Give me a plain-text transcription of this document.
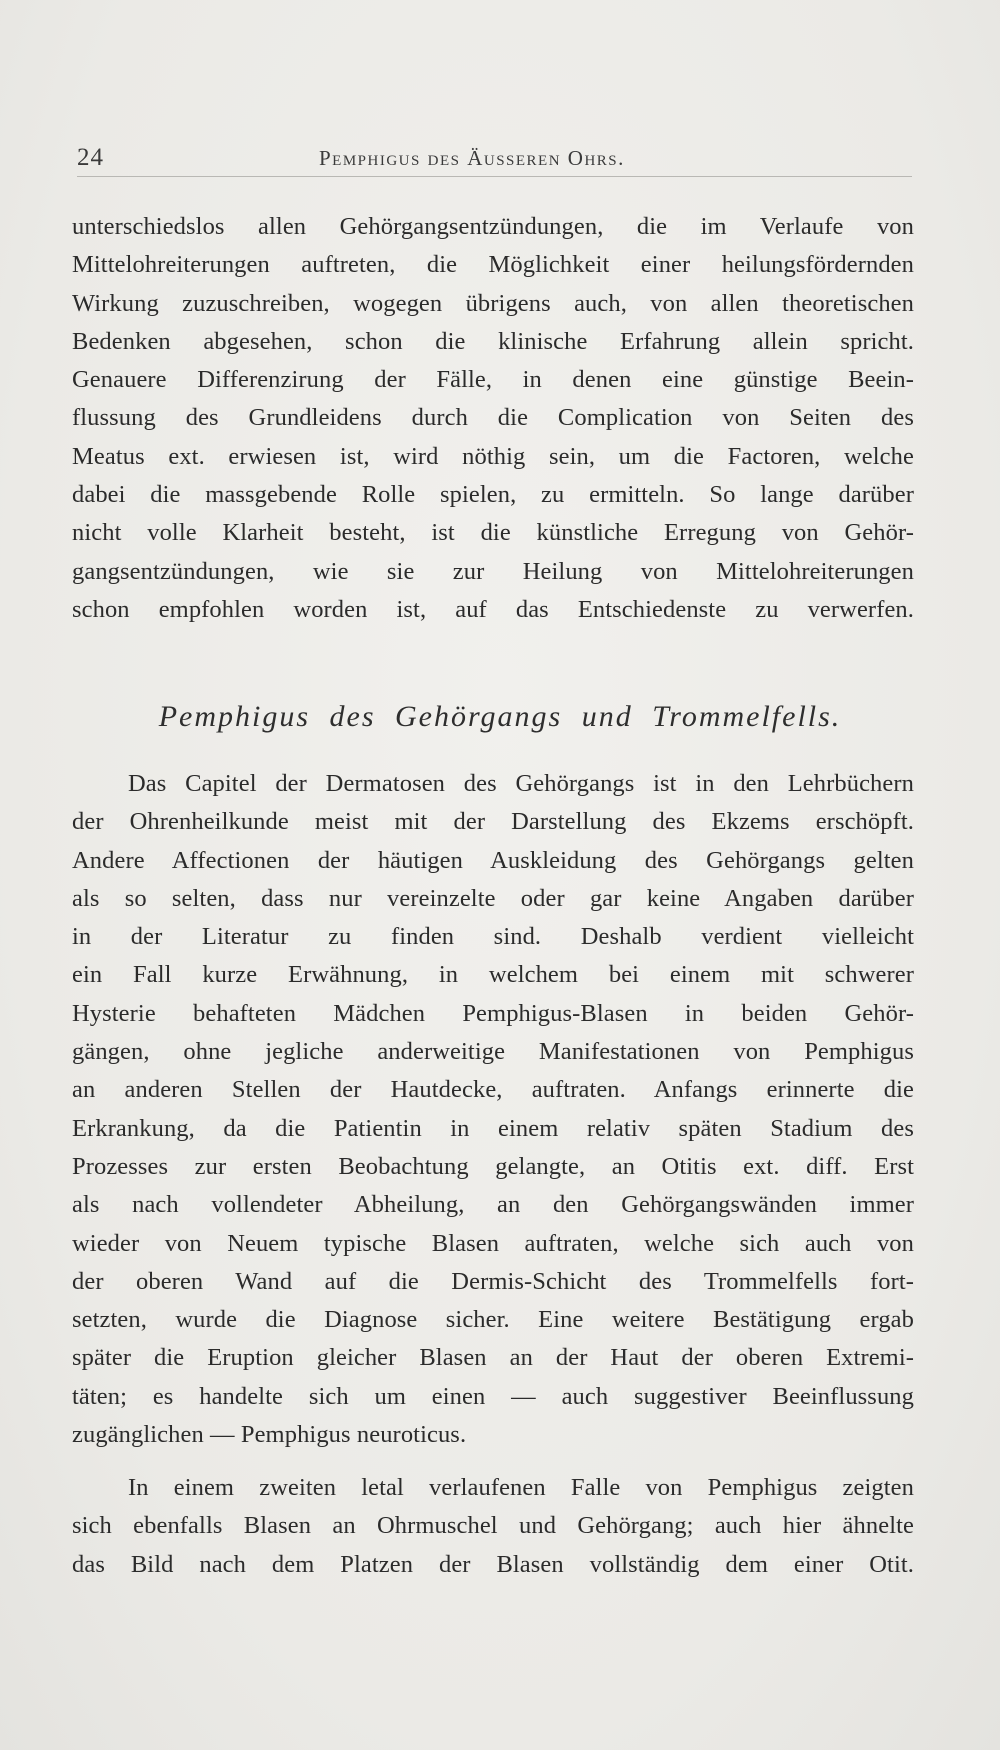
24	Pemphigus des Äusseren Ohrs.

unterschiedslos allen Gehörgangsentzündungen, die im Verlaufe von
Mittelohreiterungen auftreten, die Möglichkeit einer heilungsfördernden
Wirkung zuzuschreiben, wogegen übrigens auch, von allen theoretischen
Bedenken abgesehen, schon die klinische Erfahrung allein spricht.
Genauere Differenzirung der Fälle, in denen eine günstige Beein-
flussung des Grundleidens durch die Complication von Seiten des
Meatus ext. erwiesen ist, wird nöthig sein, um die Factoren, welche
dabei die massgebende Rolle spielen, zu ermitteln. So lange darüber
nicht volle Klarheit besteht, ist die künstliche Erregung von Gehör-
gangsentzündungen, wie sie zur Heilung von Mittelohreiterungen
schon empfohlen worden ist, auf das Entschiedenste zu verwerfen.

Pemphigus des Gehörgangs und Trommelfells.

Das Capitel der Dermatosen des Gehörgangs ist in den Lehrbüchern
der Ohrenheilkunde meist mit der Darstellung des Ekzems erschöpft.
Andere Affectionen der häutigen Auskleidung des Gehörgangs gelten
als so selten, dass nur vereinzelte oder gar keine Angaben darüber
in der Literatur zu finden sind. Deshalb verdient vielleicht
ein Fall kurze Erwähnung, in welchem bei einem mit schwerer
Hysterie behafteten Mädchen Pemphigus-Blasen in beiden Gehör-
gängen, ohne jegliche anderweitige Manifestationen von Pemphigus
an anderen Stellen der Hautdecke, auftraten. Anfangs erinnerte die
Erkrankung, da die Patientin in einem relativ späten Stadium des
Prozesses zur ersten Beobachtung gelangte, an Otitis ext. diff. Erst
als nach vollendeter Abheilung, an den Gehörgangswänden immer
wieder von Neuem typische Blasen auftraten, welche sich auch von
der oberen Wand auf die Dermis-Schicht des Trommelfells fort-
setzten, wurde die Diagnose sicher. Eine weitere Bestätigung ergab
später die Eruption gleicher Blasen an der Haut der oberen Extremi-
täten; es handelte sich um einen — auch suggestiver Beeinflussung
zugänglichen — Pemphigus neuroticus.

In einem zweiten letal verlaufenen Falle von Pemphigus zeigten
sich ebenfalls Blasen an Ohrmuschel und Gehörgang; auch hier ähnelte
das Bild nach dem Platzen der Blasen vollständig dem einer Otit.
